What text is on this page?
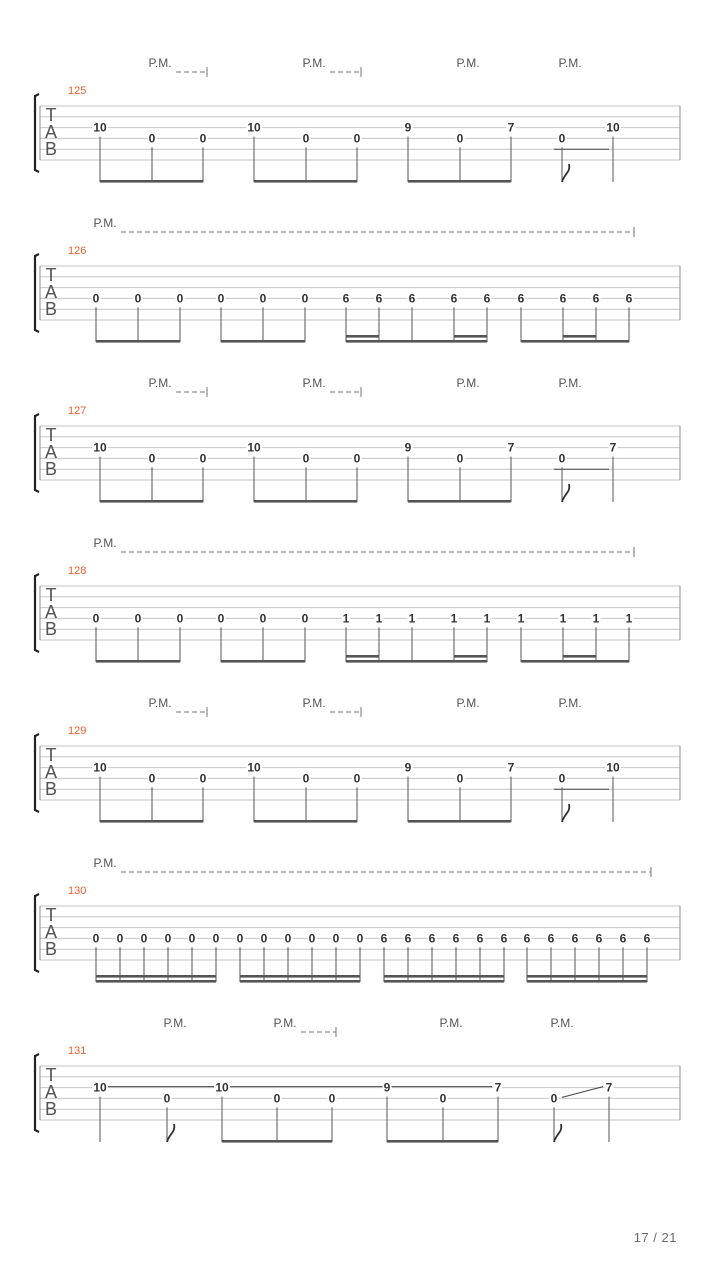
T
A
B
125
P.M.	P.M.	P.M.	P.M.
10
0	0
10
0	0
9
0
7
0
10
T
A
B
126
P.M.
0	0	0	0	0	0	6 6 6	6 6 6	6 6 6
T
A
B
127
P.M.	P.M.	P.M.	P.M.
10
0	0
10
0	0
9
0
7
0
7
T
A
B
128
P.M.
0	0	0	0	0	0	1 1 1	1 1 1	1 1 1
T
A
B
129
P.M.	P.M.	P.M.	P.M.
10
0	0
10
0	0
9
0
7
0
10
T
A
B
130
P.M.
0 0 0 0 0 0 0 0 0 0 0 0 6 6 6 6 6 6 6 6 6 6 6 6
T
A
B
131
P.M.	P.M.	P.M.	P.M.
10
0
10
0	0
9
0
7
0
7
17 / 21
